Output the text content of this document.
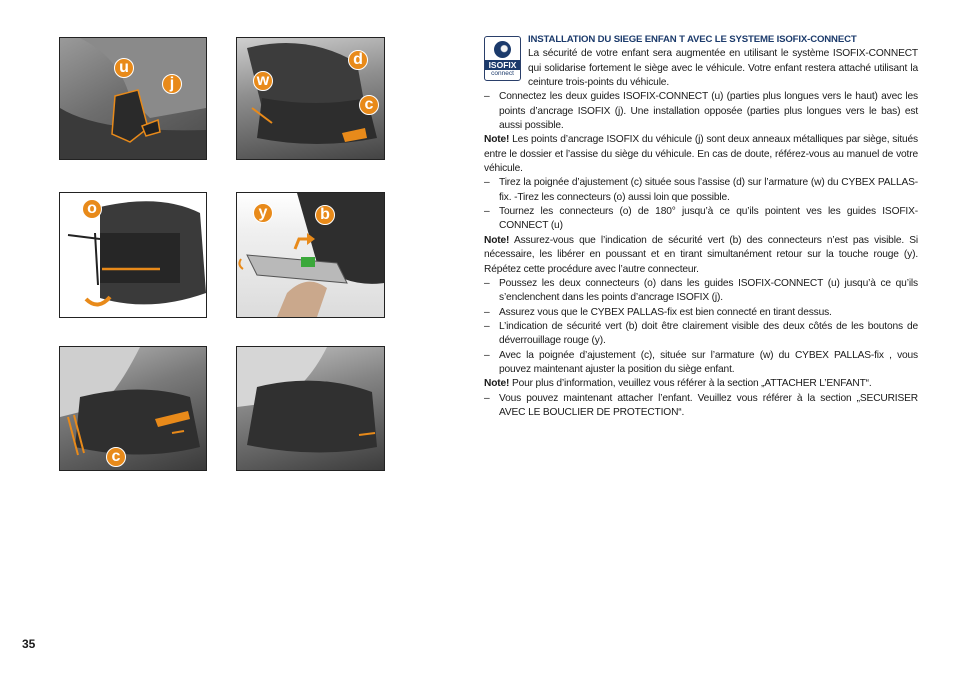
u
j
d
w
c
o	y	b
c
ISOFIX
connect
INSTALLATION DU SIEGE ENFAN T AVEC LE SYSTEME ISOFIX-CONNECT
La sécurité de votre enfant sera augmentée en utilisant le système ISOFIX-CONNECT qui solidarise fortement le siège avec le véhicule. Votre enfant restera attaché utilisant la ceinture trois-points du véhicule.
– Connectez les deux guides ISOFIX-CONNECT (u) (parties plus longues vers le haut) avec les points d’ancrage ISOFIX (j). Une installation opposée (parties plus longues vers le bas) est aussi possible.
Note! Les points d’ancrage ISOFIX du véhicule (j) sont deux anneaux métalliques par siège, situés entre le dossier et l’assise du siège du véhicule. En cas de doute, référez-vous au manuel de votre véhicule.
– Tirez la poignée d’ajustement (c) située sous l’assise (d) sur l’armature (w) du CYBEX PALLAS-fix. -Tirez les connecteurs (o) aussi loin que possible.
– Tournez les connecteurs (o) de 180° jusqu’à ce qu’ils pointent ves les guides ISOFIX-CONNECT (u)
Note! Assurez-vous que l’indication de sécurité vert (b) des connecteurs n’est pas visible. Si nécessaire, les libérer en poussant et en tirant simultanément retour sur la touche rouge (y). Répétez cette procédure avec l’autre connecteur.
– Poussez les deux connecteurs (o) dans les guides ISOFIX-CONNECT (u) jusqu’à ce qu’ils s’enclenchent dans les points d’ancrage ISOFIX (j).
– Assurez vous que le CYBEX PALLAS-fix est bien connecté en tirant dessus.
– L’indication de sécurité vert (b) doit être clairement visible des deux côtés de les boutons de déverrouillage rouge (y).
– Avec la poignée d’ajustement (c), située sur l’armature (w) du CYBEX PALLAS-fix , vous pouvez maintenant ajuster la position du siège enfant.
Note! Pour plus d’information, veuillez vous référer à la section „ATTACHER L’ENFANT“.
– Vous pouvez maintenant attacher l’enfant. Veuillez vous référer à la section „SECURISER AVEC LE BOUCLIER DE PROTECTION“.
35
